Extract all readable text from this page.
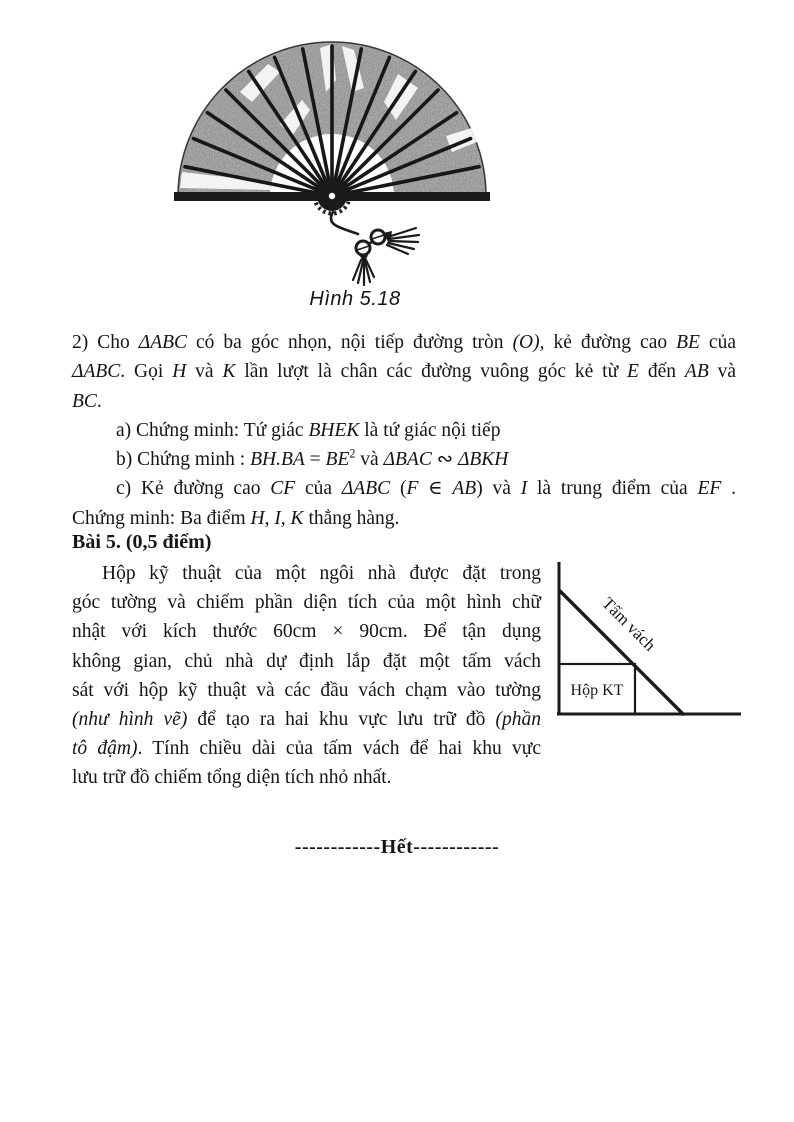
Hình 5.18
2) Cho ΔABC có ba góc nhọn, nội tiếp đường tròn (O), kẻ đường cao BE của
ΔABC. Gọi H và K lần lượt là chân các đường vuông góc kẻ từ E đến AB và
BC.
a) Chứng minh: Tứ giác BHEK là tứ giác nội tiếp
b) Chứng minh : $BH.BA = BE^2$ và ΔBAC ∾ ΔBKH
c) Kẻ đường cao CF của ΔABC (F ∈ AB) và I là trung điểm của EF .
Chứng minh: Ba điểm H, I, K thẳng hàng.
Bài 5. (0,5 điểm)
Hộp kỹ thuật của một ngôi nhà được đặt trong
góc tường và chiếm phần diện tích của một hình chữ
nhật với kích thước 60cm × 90cm. Để tận dụng
không gian, chủ nhà dự định lắp đặt một tấm vách
sát với hộp kỹ thuật và các đầu vách chạm vào tường
(như hình vẽ) để tạo ra hai khu vực lưu trữ đồ (phần
tô đậm). Tính chiều dài của tấm vách để hai khu vực
lưu trữ đồ chiếm tổng diện tích nhỏ nhất.
Hộp KT
Tấm vách
------------Hết------------
